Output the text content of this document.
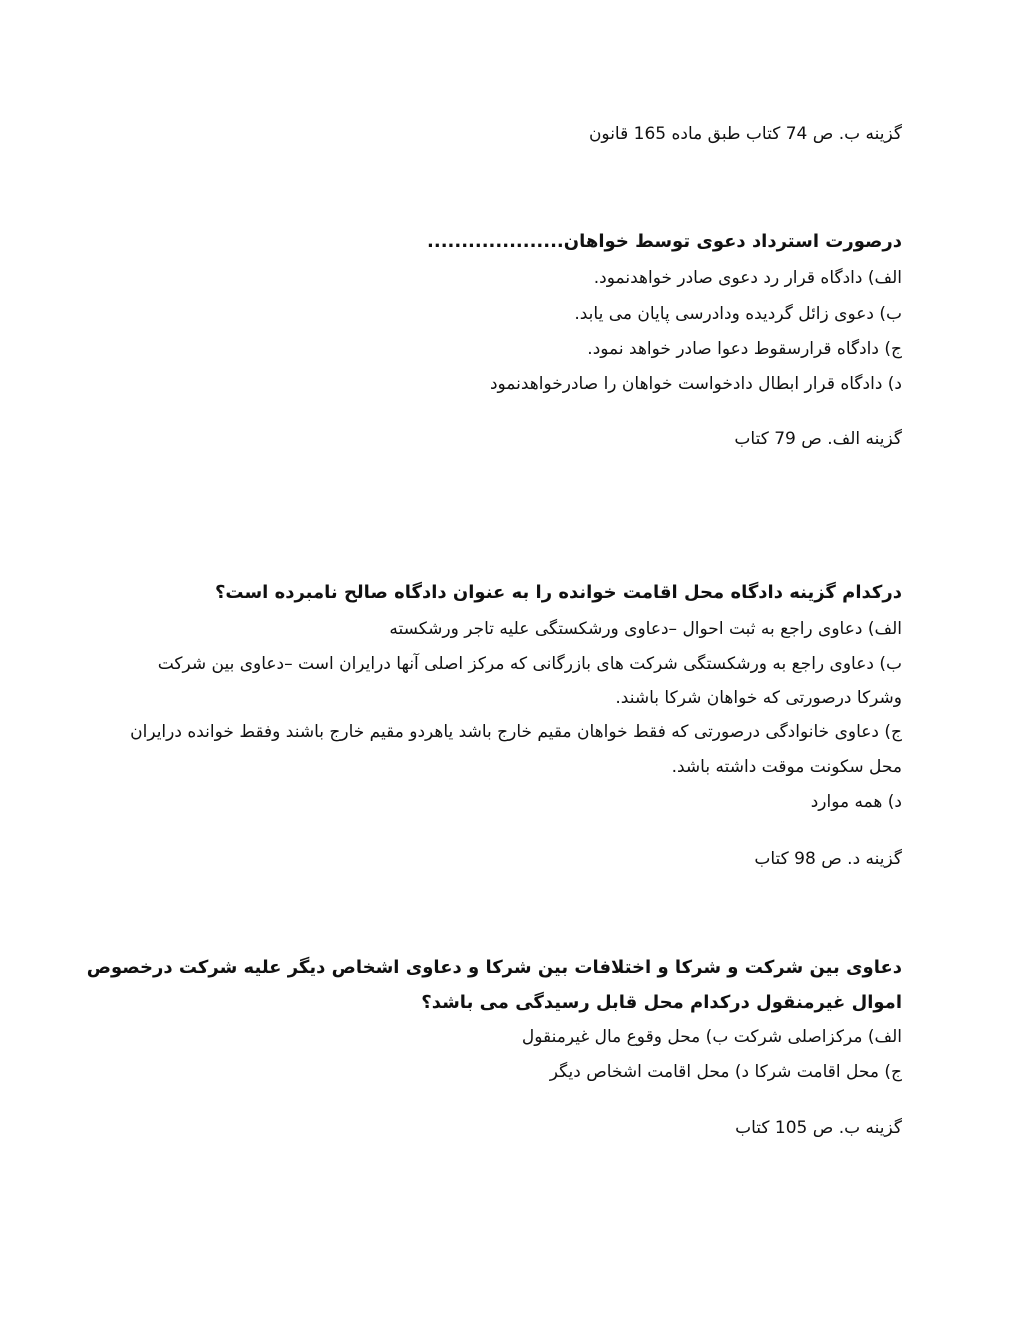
گزینه ب. ص 74 کتاب طبق ماده 165 قانون
درصورت استرداد دعوی توسط خواهان....................
الف) دادگاه قرار رد دعوی صادر خواهدنمود.
ب) دعوی زائل گردیده ودادرسی پایان می یابد.
ج) دادگاه قرارسقوط دعوا صادر خواهد نمود.
د) دادگاه قرار ابطال دادخواست خواهان را صادرخواهدنمود
گزینه الف. ص 79 کتاب
درکدام گزینه دادگاه محل اقامت خوانده را به عنوان دادگاه صالح نامبرده است؟
الف) دعاوی راجع به ثبت احوال –دعاوی ورشکستگی علیه تاجر ورشکسته
ب) دعاوی راجع به ورشکستگی شرکت های بازرگانی که مرکز اصلی آنها درایران است –دعاوی بین شرکت
وشرکا درصورتی که خواهان شرکا باشند.
ج) دعاوی خانوادگی درصورتی که فقط خواهان مقیم خارج باشد یاهردو مقیم خارج باشند وفقط خوانده درایران
محل سکونت موقت داشته باشد.
د) همه موارد
گزینه د. ص 98 کتاب
دعاوی بین شرکت و شرکا و اختلافات بین شرکا و دعاوی اشخاص دیگر علیه شرکت درخصوص
اموال غیرمنقول درکدام محل قابل رسیدگی می باشد؟
الف) مرکزاصلی شرکت ب) محل وقوع مال غیرمنقول
ج) محل اقامت شرکا د) محل اقامت اشخاص دیگر
گزینه ب. ص 105 کتاب
